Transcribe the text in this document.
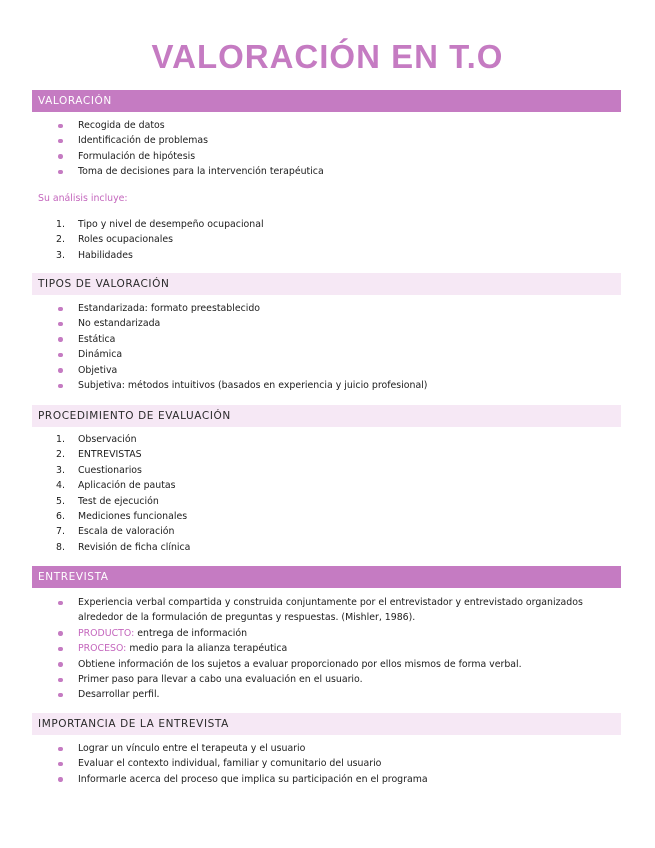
VALORACIÓN EN T.O
VALORACIÓN
Recogida de datos
Identificación de problemas
Formulación de hipótesis
Toma de decisiones para la intervención terapéutica
Su análisis incluye:
1.	Tipo y nivel de desempeño ocupacional
2.	Roles ocupacionales
3.	Habilidades
TIPOS DE VALORACIÓN
Estandarizada: formato preestablecido
No estandarizada
Estática
Dinámica
Objetiva
Subjetiva: métodos intuitivos (basados en experiencia y juicio profesional)
PROCEDIMIENTO DE EVALUACIÓN
1.	Observación
2.	ENTREVISTAS
3.	Cuestionarios
4.	Aplicación de pautas
5.	Test de ejecución
6.	Mediciones funcionales
7.	Escala de valoración
8.	Revisión de ficha clínica
ENTREVISTA
Experiencia verbal compartida y construida conjuntamente por el entrevistador y entrevistado organizados alrededor de la formulación de preguntas y respuestas. (Mishler, 1986).
PRODUCTO: entrega de información
PROCESO: medio para la alianza terapéutica
Obtiene información de los sujetos a evaluar proporcionado por ellos mismos de forma verbal.
Primer paso para llevar a cabo una evaluación en el usuario.
Desarrollar perfil.
IMPORTANCIA DE LA ENTREVISTA
Lograr un vínculo entre el terapeuta y el usuario
Evaluar el contexto individual, familiar y comunitario del usuario
Informarle acerca del proceso que implica su participación en el programa
